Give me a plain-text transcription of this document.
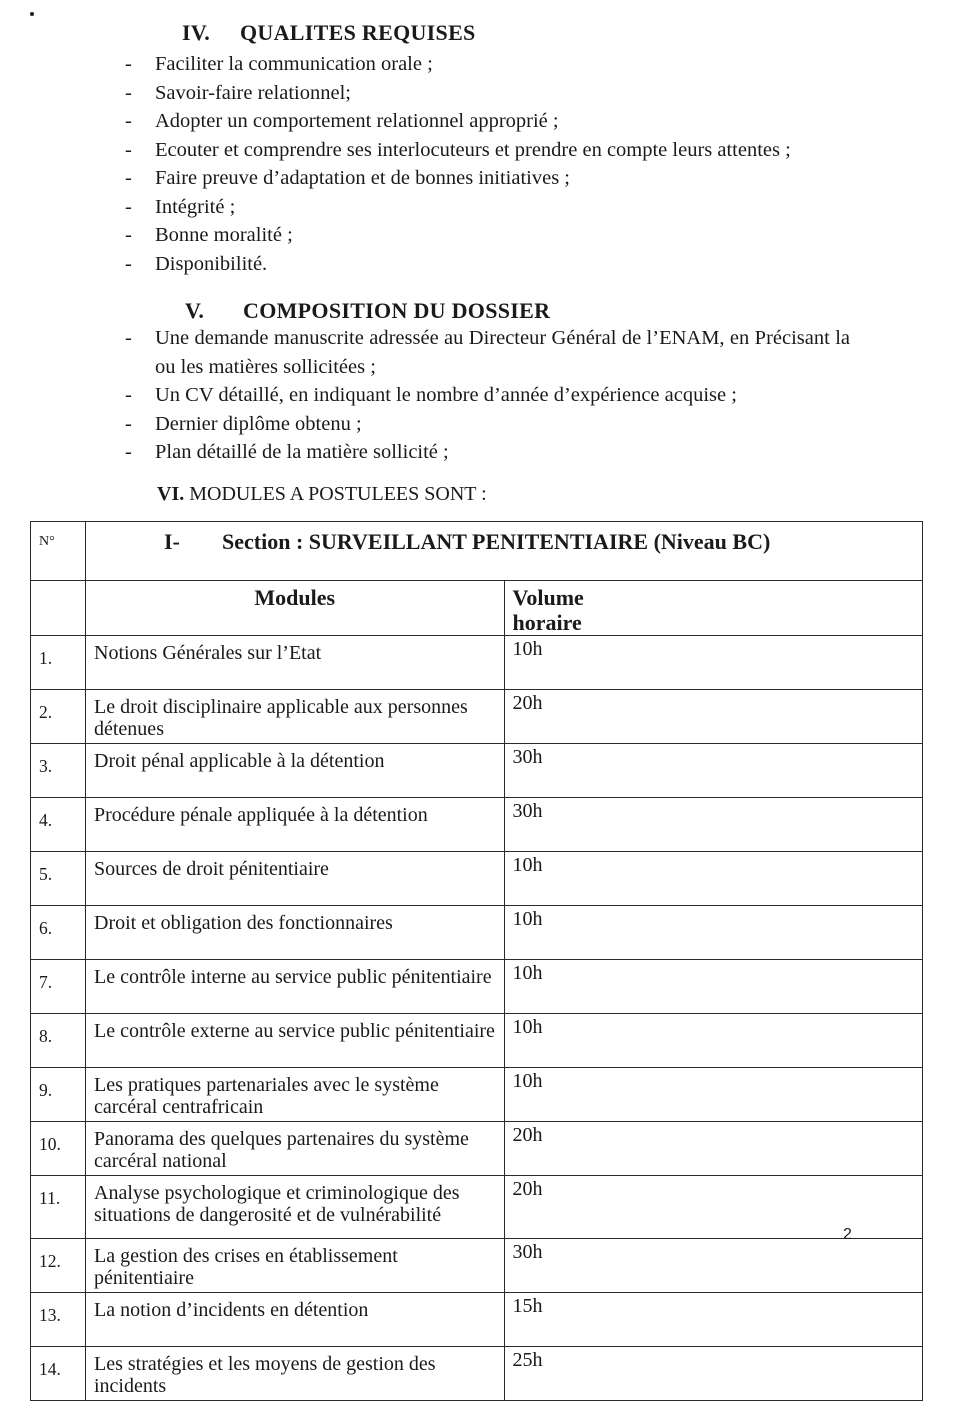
IV. QUALITES REQUISES
- Faciliter la communication orale ;
- Savoir-faire relationnel;
- Adopter un comportement relationnel approprié ;
- Ecouter et comprendre ses interlocuteurs et prendre en compte leurs attentes ;
- Faire preuve d’adaptation et de bonnes initiatives ;
- Intégrité ;
- Bonne moralité ;
- Disponibilité.
V. COMPOSITION DU DOSSIER
- Une demande manuscrite adressée au Directeur Général de l’ENAM, en Précisant la ou les matières sollicitées ;
- Un CV détaillé, en indiquant le nombre d’année d’expérience acquise ;
- Dernier diplôme obtenu ;
- Plan détaillé de la matière sollicité ;
VI. MODULES A POSTULEES SONT :
N°	I- Section : SURVEILLANT PENITENTIAIRE (Niveau BC)	
	Modules	Volume
horaire
1.	Notions Générales sur l’Etat	10h
2.	Le droit disciplinaire applicable aux personnes détenues	20h
3.	Droit pénal applicable à la détention	30h
4.	Procédure pénale appliquée à la détention	30h
5.	Sources de droit pénitentiaire	10h
6.	Droit et obligation des fonctionnaires	10h
7.	Le contrôle interne au service public pénitentiaire	10h
8.	Le contrôle externe au service public pénitentiaire	10h
9.	Les pratiques partenariales avec le système carcéral centrafricain	10h
10.	Panorama des quelques partenaires du système carcéral national	20h
11.	Analyse psychologique et criminologique des situations de dangerosité et de vulnérabilité	20h
12.	La gestion des crises en établissement pénitentiaire	30h
13.	La notion d’incidents en détention	15h
14.	Les stratégies et les moyens de gestion des incidents	25h
2
